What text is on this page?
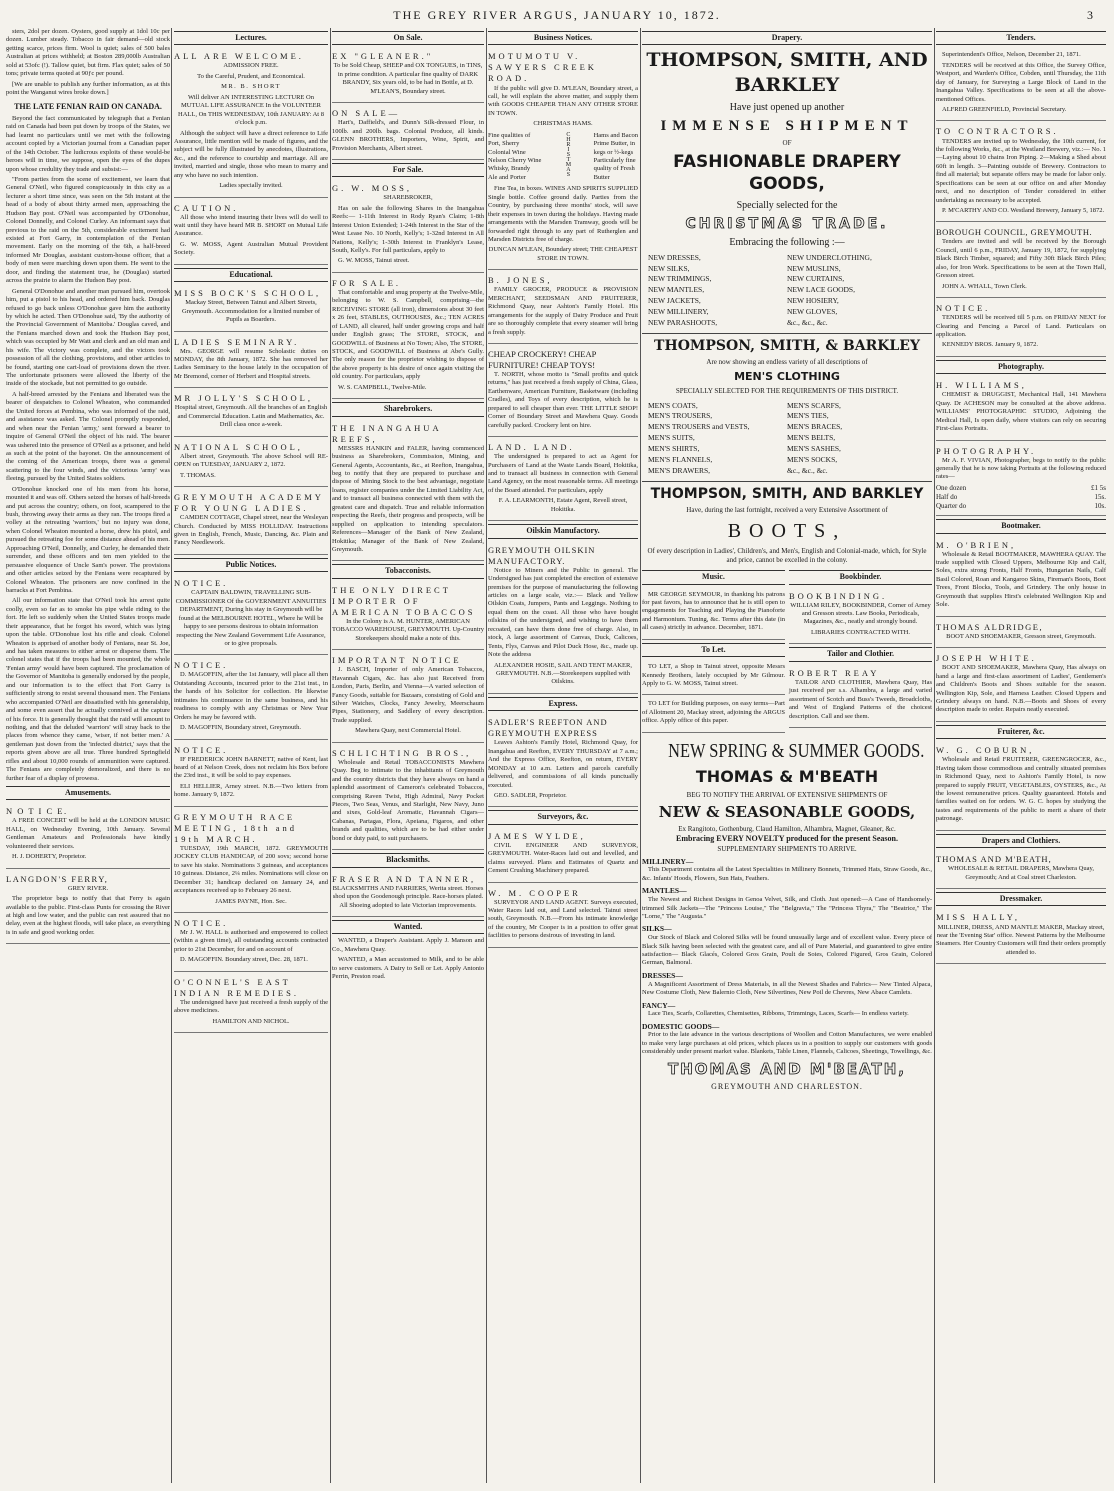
THE GREY RIVER ARGUS, JANUARY 10, 1872.	3

sters, 2dol per dozen. Oysters, good supply at 1dol 10c per dozen. Lumber steady. Tobacco in fair demand—old stock getting scarce, prices firm. Wool is quiet; sales of 500 bales Australian at prices withheld; at Boston 289,000lb Australian sold at 53ofc (!). Tallow quiet, but firm. Flax quiet; sales of 50 tons; private terms quoted at 90ƒc per pound.

[We are unable to publish any further information, as at this point the Wanganui wires broke down.]

THE LATE FENIAN RAID ON CANADA.

Beyond the fact communicated by telegraph that a Fenian raid on Canada had been put down by troops of the States, we had learnt no particulars until we met with the following account copied by a Victorian journal from a Canadian paper of the 14th October. The ludicrous exploits of these would-be heroes will in time, we suppose, open the eyes of the dupes upon whose credulity they trade and subsist:—

"From parties from the scene of excitement, we learn that General O'Neil, who figured conspicuously in this city as a lecturer a short time since, was seen on the 5th instant at the head of a body of about thirty armed men, approaching the Hudson Bay post. O'Neil was accompanied by O'Donohue, Colonel Donnelly, and Colonel Curley. An informant says that previous to the raid on the 5th, considerable excitement had existed at Fort Garry, in contemplation of the Fenian movement. Early on the morning of the 6th, a half-breed informed Mr Douglas, assistant custom-house officer, that a body of men were marching down upon them. He went to the door, and finding the statement true, he (Douglas) started across the prairie to alarm the Hudson Bay post.

General O'Donohue and another man pursued him, overtook him, put a pistol to his head, and ordered him back. Douglas refused to go back unless O'Donohue gave him the authority by which he acted. Then O'Donohue said, 'By the authority of the Provincial Government of Manitoba.' Douglas caved, and the Fenians marched down and took the Hudson Bay post, which was occupied by Mr Watt and clerk and an old man and his wife. The victory was complete, and the victors took possession of all the clothing, provisions, and other articles to be found, starting one cart-load of provisions down the river. The unfortunate prisoners were allowed the liberty of the inside of the stockade, but not permitted to go outside.

A half-breed arrested by the Fenians and liberated was the bearer of despatches to Colonel Wheaton, who commanded the United forces at Pembina, who was informed of the raid, and assistance was asked. The Colonel promptly responded, and when near the Fenian 'army,' sent forward a bearer to inquire of General O'Neil the object of his raid. The bearer was ushered into the presence of O'Neil as a prisoner, and held as such at the point of the bayonet. On the announcement of the coming of the American troops, there was a general scattering to the four winds, and the victorious 'army' was fleeing, pursued by the United States soldiers.

O'Donohue knocked one of his men from his horse, mounted it and was off. Others seized the horses of half-breeds and put across the country; others, on foot, scampered to the bush, throwing away their arms as they ran. The troops fired a volley at the retreating 'warriors,' but no injury was done, when Colonel Wheaton mounted a horse, drew his pistol, and pursued the retreating foe for some distance ahead of his men. Approaching O'Neil, Donnelly, and Curley, he demanded their surrender, and these officers and ten men yielded to the persuasive eloquence of Uncle Sam's power. The provisions and other articles seized by the Fenians were recaptured by Colonel Wheaton. The prisoners are now confined in the barracks at Fort Pembina.

All our information state that O'Neil took his arrest quite coolly, even so far as to smoke his pipe while riding to the fort. He left so suddenly when the United States troops made their appearance, that he forgot his sword, which was lying upon the table. O'Donohue lost his rifle and cloak. Colonel Wheaton is apprised of another body of Fenians, near St. Joe, and has taken measures to either arrest or disperse them. The colonel states that if the troops had been mounted, the whole 'Fenian army' would have been captured. The proclamation of the Governor of Manitoba is generally endorsed by the people, and our information is to the effect that Fort Garry is sufficiently strong to resist several thousand men. The Fenians who accompanied O'Neil are dissatisfied with his generalship, and some even assert that he actually connived at the capture of his force. It is generally thought that the raid will amount to nothing, and that the deluded 'warriors' will stray back to the places from whence they came, 'wiser, if not better men.' A gentleman just down from the 'infected district,' says that the reports given above are all true. Three hundred Springfield rifles and about 10,000 rounds of ammunition were captured. The Fenians are completely demoralized, and there is no further fear of a display of prowess.

Amusements.
N O T I C E.

A FREE CONCERT will be held at the LONDON MUSIC HALL, on Wednesday Evening, 10th January. Several Gentleman Amateurs and Professionals have kindly volunteered their services.

H. J. DOHERTY, Proprietor.

LANGDON'S FERRY,

GREY RIVER.

The proprietor begs to notify that that Ferry is again available to the public. First-class Punts for crossing the River at high and low water, and the public can rest assured that no delay, even at the highest floods, will take place, as everything is in safe and good working order.

Lectures.
ALL ARE WELCOME.

ADMISSION FREE.

To the Careful, Prudent, and Economical.

MR. B. SHORT

Will deliver AN INTERESTING LECTURE On MUTUAL LIFE ASSURANCE In the VOLUNTEER HALL, On THIS WEDNESDAY, 10th JANUARY: At 8 o'clock p.m.

Although the subject will have a direct reference to Life Assurance, little mention will be made of figures, and the subject will be fully illustrated by anecdotes, illustrations, &c., and the reference to courtship and marriage. All are invited, married and single, those who mean to marry and any who have no such intention.

Ladies specially invited.

CAUTION.

All those who intend insuring their lives will do well to wait until they have heard MR B. SHORT on Mutual Life Assurance.

G. W. MOSS, Agent Australian Mutual Provident Society.

Educational.
MISS BOCK'S SCHOOL,

Mackay Street, Between Tainui and Albert Streets, Greymouth. Accommodation for a limited number of Pupils as Boarders.

LADIES SEMINARY.

Mrs. GEORGE will resume Scholastic duties on MONDAY, the 8th January, 1872. She has removed her Ladies Seminary to the house lately in the occupation of Mr Bremond, corner of Herbert and Hospital streets.

MR JOLLY'S SCHOOL,

Hospital street, Greymouth. All the branches of an English and Commercial Education. Latin and Mathematics, &c. Drill class once a-week.

NATIONAL SCHOOL,

Albert street, Greymouth. The above School will RE-OPEN on TUESDAY, JANUARY 2, 1872.

T. THOMAS.

GREYMOUTH ACADEMY FOR YOUNG LADIES.

CAMDEN COTTAGE, Chapel street, near the Wesleyan Church. Conducted by MISS HOLLIDAY. Instructions given in English, French, Music, Dancing, &c. Plain and Fancy Needlework.

Public Notices.
NOTICE.

CAPTAIN BALDWIN, TRAVELLING SUB-COMMISSIONER Of the GOVERNMENT ANNUITIES DEPARTMENT, During his stay in Greymouth will be found at the MELBOURNE HOTEL, Where he Will be happy to see persons desirous to obtain information respecting the New Zealand Government Life Assurance, or to give proposals.

NOTICE.

D. MAGOFFIN, after the 1st January, will place all then Outstanding Accounts, incurred prior to the 21st inst., in the hands of his Solicitor for collection. He likewise intimates his continuance in the same business, and his readiness to comply with any Christmas or New Year Orders he may be favored with.

D. MAGOFFIN, Boundary street, Greymouth.

NOTICE.

IF FREDERICK JOHN BARNETT, native of Kent, last heard of at Nelson Creek, does not reclaim his Box before the 23rd inst., it will be sold to pay expenses.

ELI HELLIER, Arney street. N.B.—Two letters from home. January 9, 1872.

GREYMOUTH RACE MEETING, 18th and 19th MARCH.

TUESDAY, 19th MARCH, 1872. GREYMOUTH JOCKEY CLUB HANDICAP, of 200 sovs; second horse to save his stake. Nominations 3 guineas, and acceptances 10 guineas. Distance, 2¼ miles. Nominations will close on December 31; handicap declared on January 24, and acceptances received up to February 26 next.

JAMES PAYNE, Hon. Sec.

NOTICE.

Mr J. W. HALL is authorised and empowered to collect (within a given time), all outstanding accounts contracted prior to 21st December, for and on account of

D. MAGOFFIN. Boundary street, Dec. 28, 1871.

O'CONNEL'S EAST INDIAN REMEDIES.

The undersigned have just received a fresh supply of the above medicines.

HAMILTON AND NICHOL.

On Sale.
EX "GLEANER."

To be Sold Cheap, SHEEP and OX TONGUES, in TINS, in prime condition. A particular fine quality of DARK BRANDY, Six years old, to be had in Bottle, at D. M'LEAN'S, Boundary street.

ON SALE—

Hart's, Daffield's, and Dunn's Silk-dressed Flour, in 100lb. and 200lb. bags. Colonial Produce, all kinds. GLENN BROTHERS, Importers, Wine, Spirit, and Provision Merchants, Albert street.

For Sale.
G. W. MOSS,

SHAREBROKER,

Has on sale the following Shares in the Inangahua Reefs:— 1-11th Interest in Rody Ryan's Claim; 1-8th Interest Union Extended; 1-24th Interest in the Star of the West Lease No. 10 North, Kelly's; 1-32nd Interest in All Nations, Kelly's; 1-30th Interest in Franklyn's Lease, South, Kelly's. For full particulars, apply to

G. W. MOSS, Tainui street.

FOR SALE.

That comfortable and snug property at the Twelve-Mile, belonging to W. S. Campbell, comprising—the RECEIVING STORE (all iron), dimensions about 30 feet x 26 feet, STABLES, OUTHOUSES, &c.; TEN ACRES of LAND, all cleared, half under growing crops and half under English grass; The STORE, STOCK, and GOODWILL of Business at No Town; Also, The STORE, STOCK, and GOODWILL of Business at Abe's Gully. The only reason for the proprietor wishing to dispose of the above property is his desire of once again visiting the old country. For particulars, apply

W. S. CAMPBELL, Twelve-Mile.

Sharebrokers.
THE INANGAHUA REEFS,

MESSRS HANKIN and FALER, having commenced business as Sharebrokers, Commission, Mining, and General Agents, Accountants, &c., at Reefton, Inangahua, beg to notify that they are prepared to purchase and dispose of Mining Stock to the best advantage, negotiate loans, register companies under the Limited Liability Act, and to transact all business connected with them with the greatest care and dispatch. True and reliable information respecting the Reefs, their progress and prospects, will be supplied on application to intending speculators. References—Manager of the Bank of New Zealand, Hokitika; Manager of the Bank of New Zealand, Greymouth.

Tobacconists.
THE ONLY DIRECT IMPORTER OF AMERICAN TOBACCOS

In the Colony is A. M. HUNTER, AMERICAN TOBACCO WAREHOUSE, GREYMOUTH. Up-Country Storekeepers should make a note of this.

IMPORTANT NOTICE

J. BASCH, Importer of only American Tobaccos, Havannah Cigars, &c. has also just Received from London, Paris, Berlin, and Vienna—A varied selection of Fancy Goods, suitable for Bazaars, consisting of Gold and Silver Watches, Clocks, Fancy Jewelry, Meerschaum Pipes, Stationery, and Saddlery of every description. Trade supplied.

Mawhera Quay, next Commercial Hotel.

SCHLICHTING BROS.,

Wholesale and Retail TOBACCONISTS Mawhera Quay. Beg to intimate to the inhabitants of Greymouth and the country districts that they have always on hand a splendid assortment of Cameron's celebrated Tobaccos, comprising Raven Twist, High Admiral, Navy Pocket Pieces, Two Seas, Venus, and Starlight, New Navy, Juno and sixes, Gold-leaf Aromatic, Havannah Cigars—Cabanas, Partagas, Flora, Apeiana, Figaros, and other brands and qualities, which are to be had either under bond or duty paid, to suit purchasers.

Blacksmiths.
FRASER AND TANNER,

BLACKSMITHS AND FARRIERS, Werita street. Horses shod upon the Goodenough principle. Race-horses plated. All Shoeing adopted to late Victorian improvements.

Wanted.

WANTED, a Draper's Assistant. Apply J. Manson and Co., Mawhera Quay.

WANTED, a Man accustomed to Milk, and to be able to serve customers. A Dairy to Sell or Let. Apply Antonio Perrin, Preston road.

Business Notices.
MOTUMOTU V. SAWYERS CREEK ROAD.

If the public will give D. M'LEAN, Boundary street, a call, he will explain the above matter, and supply them with GOODS CHEAPER THAN ANY OTHER STORE IN TOWN.

CHRISTMAS HAMS.

Fine qualities of
Port, Sherry
Colonial Wine
Nelson Cherry Wine
Whisky, Brandy
Ale and Porter
CHRISTMAS	Hams and Bacon
Prime Butter, in
kegs or ½-kegs
Particularly fine
quality of Fresh
Butter

Fine Tea, in boxes. WINES AND SPIRITS SUPPLIED Single bottle. Coffee ground daily. Parties from the Country, by purchasing three months' stock, will save their expenses in town during the holidays. Having made arrangements with the Marsden Tramway, goods will be forwarded right through to any part of Rutherglen and Marsden Districts free of charge.

DUNCAN M'LEAN, Boundary street; THE CHEAPEST STORE IN TOWN.

B. JONES,

FAMILY GROCER, PRODUCE & PROVISION MERCHANT, SEEDSMAN AND FRUITERER, Richmond Quay, near Ashton's Family Hotel. His arrangements for the supply of Dairy Produce and Fruit are so thoroughly complete that every steamer will bring a fresh supply.

CHEAP CROCKERY! CHEAP FURNITURE! CHEAP TOYS!

T. NORTH, whose motto is "Small profits and quick returns," has just received a fresh supply of China, Glass, Earthenware, American Furniture, Basketware (including Cradles), and Toys of every description, which he is prepared to sell cheaper than ever. THE LITTLE SHOP! Corner of Boundary Street and Mawhera Quay. Goods carefully packed. Crockery lent on hire.

LAND. LAND.

The undersigned is prepared to act as Agent for Purchasers of Land at the Waste Lands Board, Hokitika, and to transact all business in connection with General Land Agency, on the most reasonable terms. All meetings of the Board attended. For particulars, apply

F. A. LEARMONTH, Estate Agent, Revell street, Hokitika.

Oilskin Manufactory.
GREYMOUTH OILSKIN MANUFACTORY.

Notice to Miners and the Public in general. The Undersigned has just completed the erection of extensive premises for the purpose of manufacturing the following articles on a large scale, viz.:— Black and Yellow Oilskin Coats, Jumpers, Pants and Leggings. Nothing to equal them on the coast. All those who have bought oilskins of the undersigned, and wishing to have them recoated, can have them done free of charge. Also, in stock, A large assortment of Canvas, Duck, Calicoes, Tents, Flys, Canvas and Pilot Duck Hose, &c., made up. Note the address

ALEXANDER HOSIE, SAIL AND TENT MAKER, GREYMOUTH. N.B.—Storekeepers supplied with Oilskins.

Express.
SADLER'S REEFTON AND GREYMOUTH EXPRESS

Leaves Ashton's Family Hotel, Richmond Quay, for Inangahua and Reefton, EVERY THURSDAY at 7 a.m.; And the Express Office, Reefton, on return, EVERY MONDAY at 10 a.m. Letters and parcels carefully delivered, and commissions of all kinds punctually executed.

GEO. SADLER, Proprietor.

Surveyors, &c.
JAMES WYLDE,

CIVIL ENGINEER AND SURVEYOR, GREYMOUTH. Water-Races laid out and levelled, and claims surveyed. Plans and Estimates of Quartz and Cement Crushing Machinery prepared.

W. M. COOPER

SURVEYOR AND LAND AGENT. Surveys executed, Water Races laid out, and Land selected. Tainui street south, Greymouth. N.B.—From his intimate knowledge of the country, Mr Cooper is in a position to offer great facilities to persons desirous of investing in land.

Drapery.
THOMPSON, SMITH, AND BARKLEY
Have just opened up another
IMMENSE SHIPMENT
OF
FASHIONABLE DRAPERY GOODS,
Specially selected for the
CHRISTMAS TRADE.
Embracing the following :—
NEW DRESSES,
NEW SILKS,
NEW TRIMMINGS,
NEW MANTLES,
NEW JACKETS,
NEW MILLINERY,
NEW PARASHOOTS,
NEW UNDERCLOTHING,
NEW MUSLINS,
NEW CURTAINS,
NEW LACE GOODS,
NEW HOSIERY,
NEW GLOVES,
&c., &c., &c.
THOMPSON, SMITH, & BARKLEY
Are now showing an endless variety of all descriptions of
MEN'S CLOTHING
SPECIALLY SELECTED FOR THE REQUIREMENTS OF THIS DISTRICT.
MEN'S COATS,
MEN'S TROUSERS,
MEN'S TROUSERS and VESTS,
MEN'S SUITS,
MEN'S SHIRTS,
MEN'S FLANNELS,
MEN'S DRAWERS,
MEN'S SCARFS,
MEN'S TIES,
MEN'S BRACES,
MEN'S BELTS,
MEN'S SASHES,
MEN'S SOCKS,
&c., &c., &c.
THOMPSON, SMITH, AND BARKLEY
Have, during the last fortnight, received a very Extensive Assortment of
BOOTS,

Of every description in Ladies', Children's, and Men's, English and Colonial-made, which, for Style and price, cannot be excelled in the colony.

Music.

MR GEORGE SEYMOUR, in thanking his patrons for past favors, has to announce that he is still open to engagements for Teaching and Playing the Pianoforte and Harmonium. Tuning, &c. Terms after this date (in all cases) strictly in advance. December, 1871.

To Let.

TO LET, a Shop in Tainui street, opposite Messrs Kennedy Brothers, lately occupied by Mr Gilmour. Apply to G. W. MOSS, Tainui street.

TO LET for Building purposes, on easy terms—Part of Allotment 20, Mackay street, adjoining the ARGUS office. Apply office of this paper.

Bookbinder.
BOOKBINDING.

WILLIAM RILEY, BOOKBINDER, Corner of Arney and Gresson streets. Law Books, Periodicals, Magazines, &c., neatly and strongly bound.

LIBRARIES CONTRACTED WITH.

Tailor and Clothier.
ROBERT REAY

TAILOR AND CLOTHIER, Mawhera Quay, Has just received per s.s. Alhambra, a large and varied assortment of Scotch and Buss's Tweeds, Broadcloths, and West of England Patterns of the choicest description. Call and see them.

NEW SPRING & SUMMER GOODS.
THOMAS & M'BEATH
BEG TO NOTIFY THE ARRIVAL OF EXTENSIVE SHIPMENTS OF
NEW & SEASONABLE GOODS,
Ex Rangitoto, Gothenburg, Claud Hamilton, Alhambra, Magnet, Gleaner, &c.
Embracing EVERY NOVELTY produced for the present Season.
SUPPLEMENTARY SHIPMENTS TO ARRIVE.
MILLINERY—

This Department contains all the Latest Specialities in Millinery Bonnets, Trimmed Hats, Straw Goods, &c., &c. Infants' Hoods, Flowers, Sun Hats, Feathers.

MANTLES—

The Newest and Richest Designs in Genoa Velvet, Silk, and Cloth. Just opened:—A Case of Handsomely-trimmed Silk Jackets—The "Princess Louise," The "Belgravia," The "Princess Thyra," The "Beatrice," The "Lorne," The "Augusta."

SILKS—

Our Stock of Black and Colored Silks will be found unusually large and of excellent value. Every piece of Black Silk having been selected with the greatest care, and all of Pure Material, and guaranteed to give entire satisfaction— Black Glacés, Colored Gros Grain, Poult de Soies, Colored Figured, Gros Grain, Colored German, Balmoral.

DRESSES—

A Magnificent Assortment of Dress Materials, in all the Newest Shades and Fabrics— New Tinted Alpaca, New Costume Cloth, New Balernio Cloth, New Silvertines, New Poil de Chevres, New Abace Camlets.

FANCY—

Lace Ties, Scarfs, Collarettes, Chemisettes, Ribbons, Trimmings, Laces, Scarfs— In endless variety.

DOMESTIC GOODS—

Prior to the late advance in the various descriptions of Woollen and Cotton Manufactures, we were enabled to make very large purchases at old prices, which places us in a position to supply our customers with goods considerably under present market value. Blankets, Table Linen, Flannels, Calicoes, Sheetings, Towellings, &c.

THOMAS AND M'BEATH,
GREYMOUTH AND CHARLESTON.
Tenders.

Superintendent's Office, Nelson, December 21, 1871.

TENDERS will be received at this Office, the Survey Office, Westport, and Warden's Office, Cobden, until Thursday, the 11th day of January, for Surveying a Large Block of Land in the Inangahua Valley. Specifications to be seen at all the above-mentioned Offices.

ALFRED GREENFIELD, Provincial Secretary.

TO CONTRACTORS.

TENDERS are invited up to Wednesday, the 10th current, for the following Works, &c., at the Westland Brewery, viz.:— No. 1—Laying about 10 chains Iron Piping. 2—Making a Shed about 60ft in length. 3—Painting outside of Brewery. Contractors to find all material; but separate offers may be made for labor only. Specifications can be seen at our office on and after Monday next, and no description of Tender considered in either undertaking as necessary to be accepted.

P. M'CARTHY AND CO. Westland Brewery, January 5, 1872.

BOROUGH COUNCIL, GREYMOUTH.

Tenders are invited and will be received by the Borough Council, until 6 p.m., FRIDAY, January 19, 1872, for supplying Black Birch Timber, squared; and Fifty 30ft Black Birch Piles; also, for Iron Work. Specifications to be seen at the Town Hall, Gresson street.

JOHN A. WHALL, Town Clerk.

NOTICE.

TENDERS will be received till 5 p.m. on FRIDAY NEXT for Clearing and Fencing a Parcel of Land. Particulars on application.

KENNEDY BROS. January 9, 1872.

Photography.
H. WILLIAMS,

CHEMIST & DRUGGIST, Mechanical Hall, 141 Mawhera Quay. Dr ACHESON may be consulted at the above address. WILLIAMS' PHOTOGRAPHIC STUDIO, Adjoining the Medical Hall, Is open daily, where visitors can rely on securing First-class Portraits.

PHOTOGRAPHY.

Mr A. F. VIVIAN, Photographer, begs to notify to the public generally that he is now taking Portraits at the following reduced rates—

One dozen	£1 5s
Half do	15s.
Quarter do	10s.
Bootmaker.
M. O'BRIEN,

Wholesale & Retail BOOTMAKER, MAWHERA QUAY. The trade supplied with Closed Uppers, Melbourne Kip and Calf, Soles, extra strong Fronts, Half Fronts, Hungarian Nails, Calf Basil Colored, Roan and Kangaroo Skins, Fireman's Boots, Boot Trees, Front Blocks, Tools, and Grindery. The only house in Greymouth that supplies Hirst's celebrated Wellington Kip and Sole.

THOMAS ALDRIDGE,

BOOT AND SHOEMAKER, Gresson street, Greymouth.

JOSEPH WHITE.

BOOT AND SHOEMAKER, Mawhera Quay, Has always on hand a large and first-class assortment of Ladies', Gentlemen's and Children's Boots and Shoes suitable for the season. Wellington Kip, Sole, and Harness Leather. Closed Uppers and Grindery always on hand. N.B.—Boots and Shoes of every description made to order. Repairs neatly executed.

Fruiterer, &c.
W. G. COBURN,

Wholesale and Retail FRUITERER, GREENGROCER, &c., Having taken those commodious and centrally situated premises in Richmond Quay, next to Ashton's Family Hotel, is now prepared to supply FRUIT, VEGETABLES, OYSTERS, &c., At the lowest remunerative prices. Quality guaranteed. Hotels and families waited on for orders. W. G. C. hopes by studying the tastes and requirements of the public to merit a share of their patronage.

Drapers and Clothiers.
THOMAS AND M'BEATH,

WHOLESALE & RETAIL DRAPERS, Mawhera Quay, Greymouth; And at Coal street Charleston.

Dressmaker.
MISS HALLY,

MILLINER, DRESS, AND MANTLE MAKER, Mackay street, near the 'Evening Star' office. Newest Patterns by the Melbourne Steamers. Her Country Customers will find their orders promptly attended to.
